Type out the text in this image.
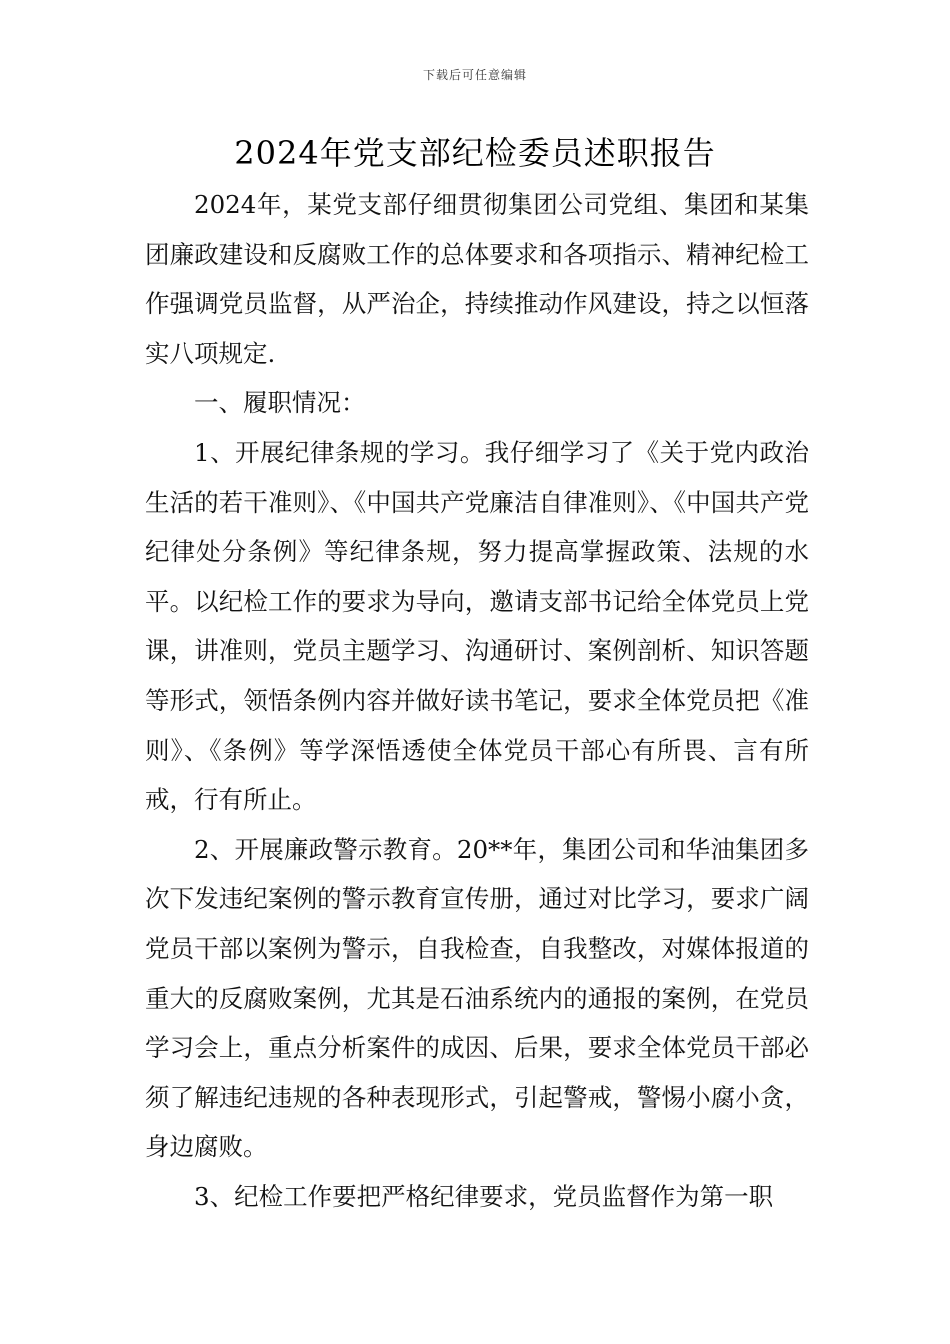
下载后可任意编辑
2024年党支部纪检委员述职报告

2024年，某党支部仔细贯彻集团公司党组、集团和某集团廉政建设和反腐败工作的总体要求和各项指示、精神纪检工作强调党员监督，从严治企，持续推动作风建设，持之以恒落实八项规定.

一、履职情况：

1、开展纪律条规的学习。我仔细学习了《关于党内政治生活的若干准则》、《中国共产党廉洁自律准则》、《中国共产党纪律处分条例》等纪律条规，努力提高掌握政策、法规的水平。以纪检工作的要求为导向，邀请支部书记给全体党员上党课，讲准则，党员主题学习、沟通研讨、案例剖析、知识答题等形式，领悟条例内容并做好读书笔记，要求全体党员把《准则》、《条例》等学深悟透使全体党员干部心有所畏、言有所戒，行有所止。

2、开展廉政警示教育。20**年，集团公司和华油集团多次下发违纪案例的警示教育宣传册，通过对比学习，要求广阔党员干部以案例为警示，自我检查，自我整改，对媒体报道的重大的反腐败案例，尤其是石油系统内的通报的案例，在党员学习会上，重点分析案件的成因、后果，要求全体党员干部必须了解违纪违规的各种表现形式，引起警戒，警惕小腐小贪，身边腐败。

3、纪检工作要把严格纪律要求，党员监督作为第一职
